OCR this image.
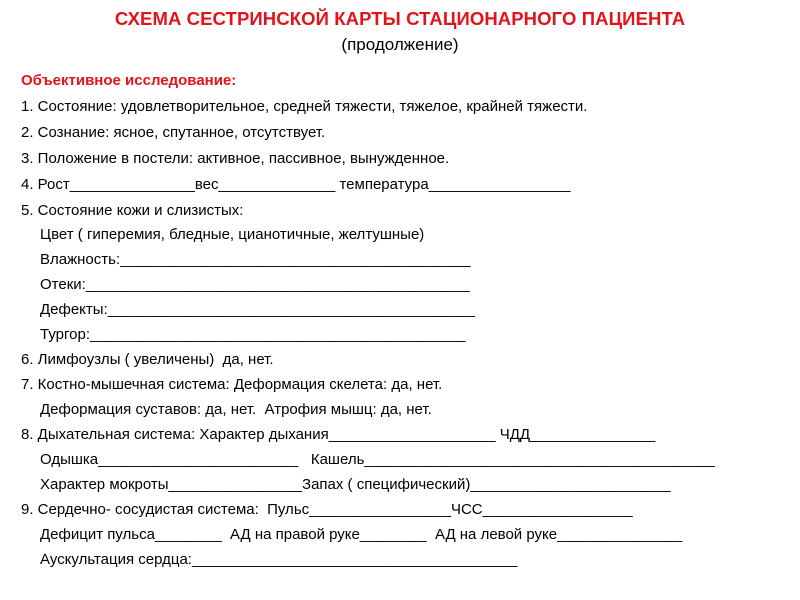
СХЕМА СЕСТРИНСКОЙ КАРТЫ СТАЦИОНАРНОГО ПАЦИЕНТА
(продолжение)
Объективное исследование:
1. Состояние: удовлетворительное, средней тяжести, тяжелое, крайней тяжести.
2. Сознание: ясное, спутанное, отсутствует.
3. Положение в постели: активное, пассивное, вынужденное.
4. Рост_______________вес______________ температура_________________
5. Состояние кожи и слизистых:
Цвет ( гиперемия, бледные, цианотичные, желтушные)
Влажность:__________________________________________
Отеки:______________________________________________
Дефекты:____________________________________________
Тургор:_____________________________________________
6. Лимфоузлы ( увеличены)  да, нет.
7. Костно-мышечная система: Деформация скелета: да, нет.
Деформация суставов: да, нет.  Атрофия мышц: да, нет.
8. Дыхательная система: Характер дыхания____________________ ЧДД_______________
Одышка________________________   Кашель__________________________________________
Характер мокроты________________Запах ( специфический)________________________
9. Сердечно- сосудистая система:  Пульс_________________ЧСС__________________
Дефицит пульса________  АД на правой руке________  АД на левой руке_______________
Аускультация сердца:_______________________________________
